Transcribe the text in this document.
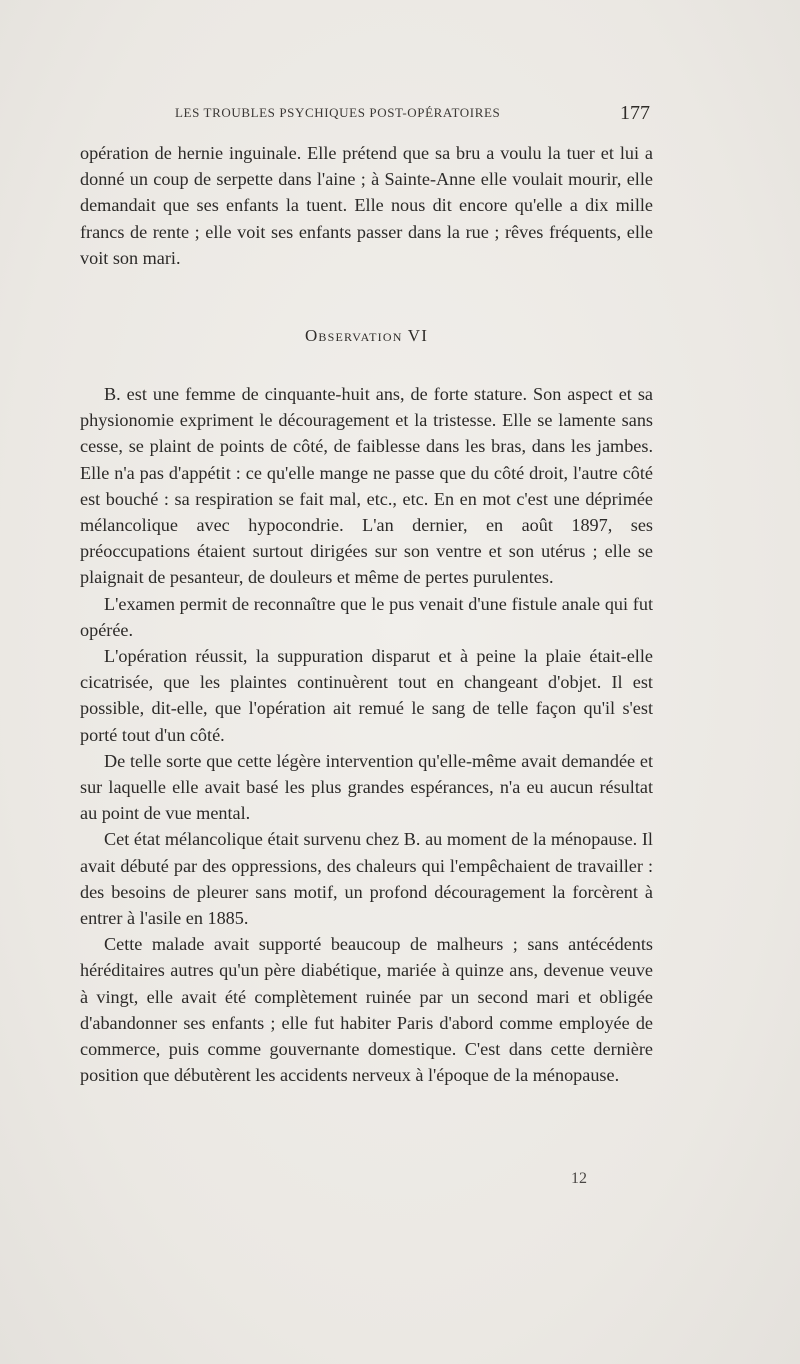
LES TROUBLES PSYCHIQUES POST-OPÉRATOIRES	177

opération de hernie inguinale. Elle prétend que sa bru a voulu la tuer et lui a donné un coup de serpette dans l'aine ; à Sainte-Anne elle voulait mourir, elle demandait que ses enfants la tuent. Elle nous dit encore qu'elle a dix mille francs de rente ; elle voit ses enfants passer dans la rue ; rêves fréquents, elle voit son mari.

Observation VI

B. est une femme de cinquante-huit ans, de forte stature. Son aspect et sa physionomie expriment le découragement et la tristesse. Elle se lamente sans cesse, se plaint de points de côté, de faiblesse dans les bras, dans les jambes. Elle n'a pas d'appétit : ce qu'elle mange ne passe que du côté droit, l'autre côté est bouché : sa respiration se fait mal, etc., etc. En en mot c'est une déprimée mélancolique avec hypocondrie. L'an dernier, en août 1897, ses préoccupations étaient surtout dirigées sur son ventre et son utérus ; elle se plaignait de pesanteur, de douleurs et même de pertes purulentes.

L'examen permit de reconnaître que le pus venait d'une fistule anale qui fut opérée.

L'opération réussit, la suppuration disparut et à peine la plaie était-elle cicatrisée, que les plaintes continuèrent tout en changeant d'objet. Il est possible, dit-elle, que l'opération ait remué le sang de telle façon qu'il s'est porté tout d'un côté.

De telle sorte que cette légère intervention qu'elle-même avait demandée et sur laquelle elle avait basé les plus grandes espérances, n'a eu aucun résultat au point de vue mental.

Cet état mélancolique était survenu chez B. au moment de la ménopause. Il avait débuté par des oppressions, des chaleurs qui l'empêchaient de travailler : des besoins de pleurer sans motif, un profond découragement la forcèrent à entrer à l'asile en 1885.

Cette malade avait supporté beaucoup de malheurs ; sans antécédents héréditaires autres qu'un père diabétique, mariée à quinze ans, devenue veuve à vingt, elle avait été complètement ruinée par un second mari et obligée d'abandonner ses enfants ; elle fut habiter Paris d'abord comme employée de commerce, puis comme gouvernante domestique. C'est dans cette dernière position que débutèrent les accidents nerveux à l'époque de la ménopause.

12
